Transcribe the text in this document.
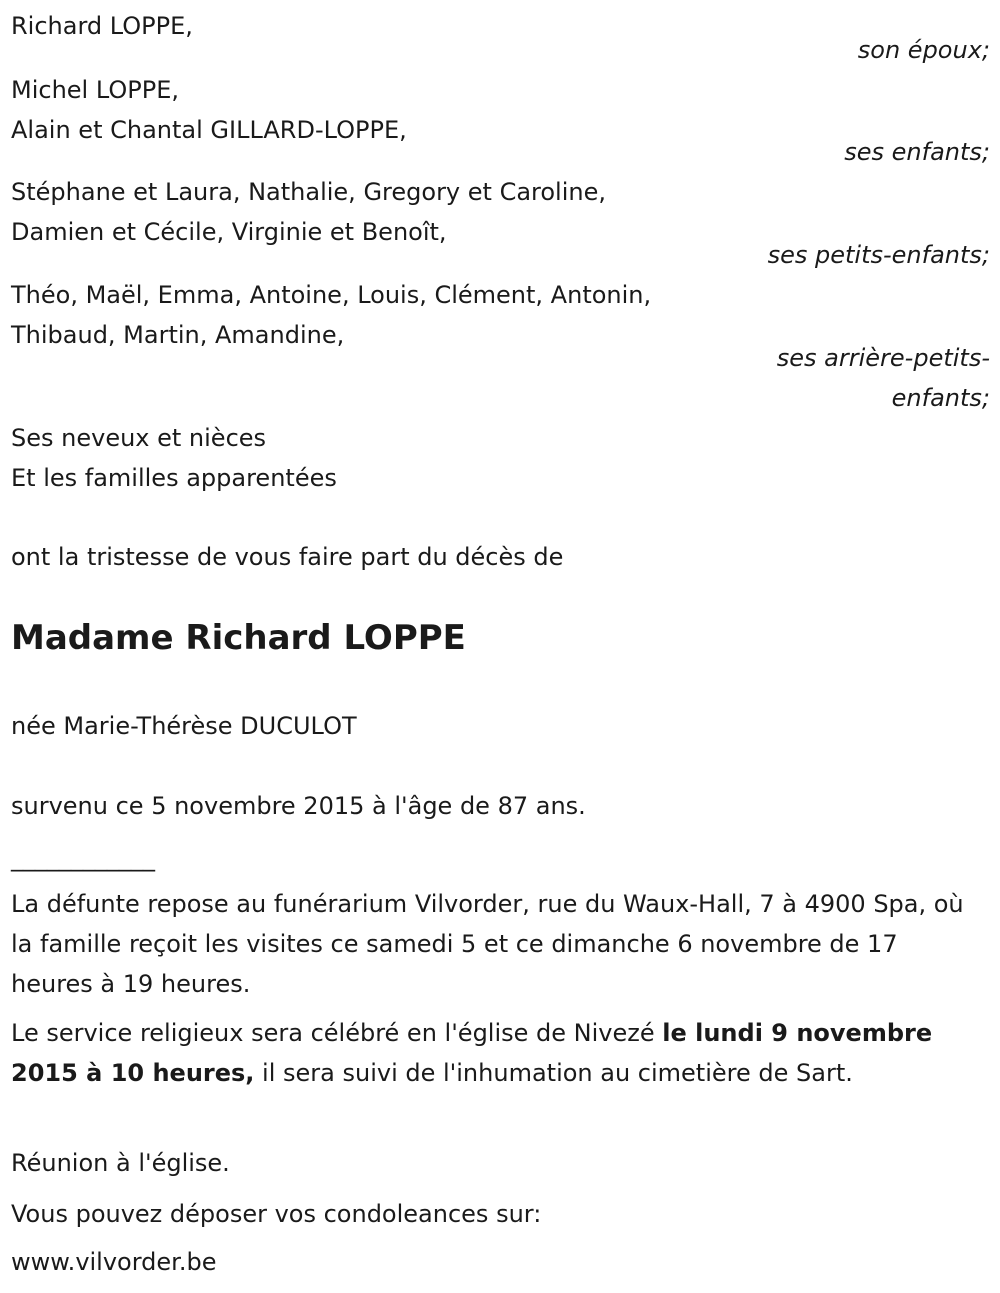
Richard LOPPE,
son époux;
Michel LOPPE,
Alain et Chantal GILLARD-LOPPE,
ses enfants;
Stéphane et Laura, Nathalie, Gregory et Caroline,
Damien et Cécile, Virginie et Benoît,
ses petits-enfants;
Théo, Maël, Emma, Antoine, Louis, Clément, Antonin,
Thibaud, Martin, Amandine,
ses arrière-petits-
enfants;
Ses neveux et nièces
Et les familles apparentées
ont la tristesse de vous faire part du décès de
Madame Richard LOPPE
née Marie-Thérèse DUCULOT
survenu ce 5 novembre 2015 à l'âge de 87 ans.
____________
La défunte repose au funérarium Vilvorder, rue du Waux-Hall, 7 à 4900 Spa, où la famille reçoit les visites ce samedi 5 et ce dimanche 6 novembre de 17 heures à 19 heures.
Le service religieux sera célébré en l'église de Nivezé le lundi 9 novembre 2015 à 10 heures, il sera suivi de l'inhumation au cimetière de Sart.
Réunion à l'église.
Vous pouvez déposer vos condoleances sur:
www.vilvorder.be
